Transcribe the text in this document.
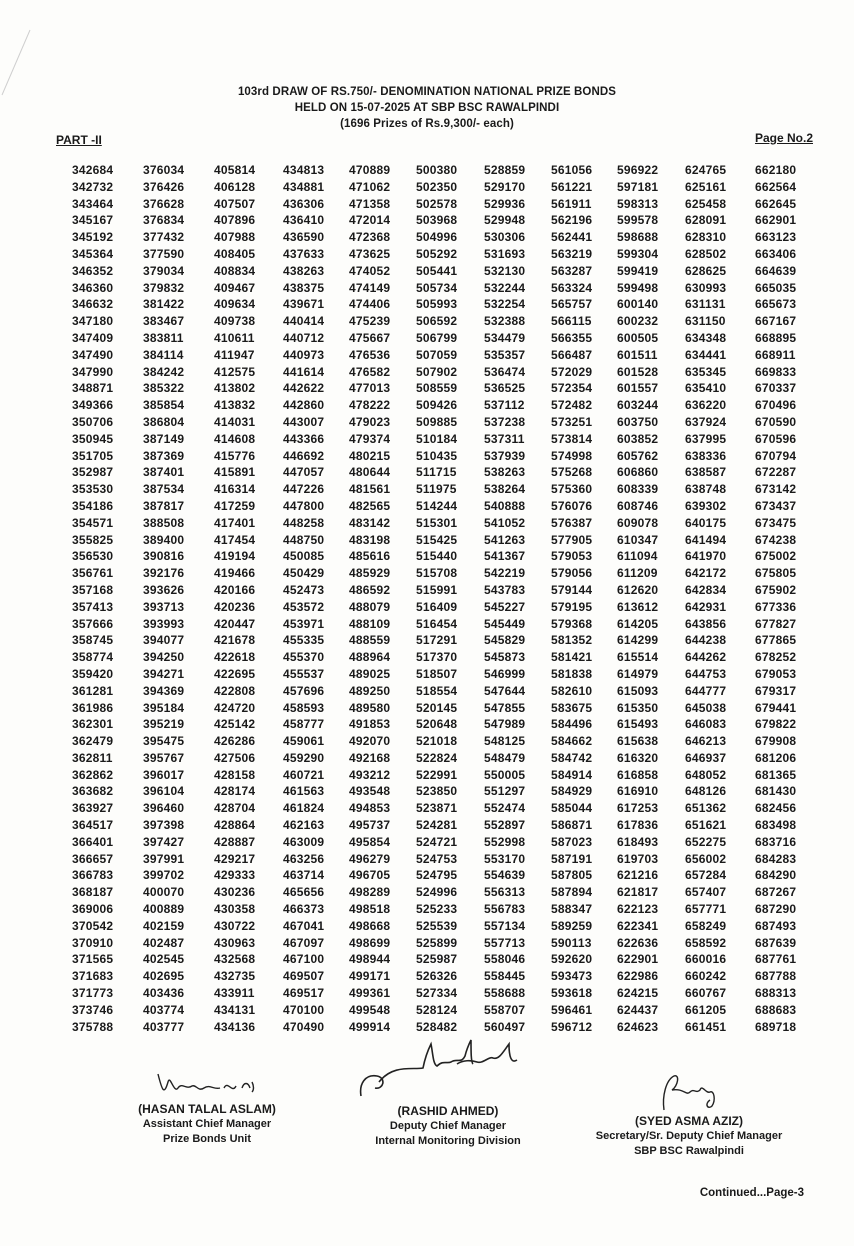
103rd DRAW OF RS.750/- DENOMINATION NATIONAL PRIZE BONDS
HELD ON 15-07-2025 AT SBP BSC RAWALPINDI
(1696 Prizes of Rs.9,300/- each)
PART -II	Page No.2
342684
342732
343464
345167
345192
345364
346352
346360
346632
347180
347409
347490
347990
348871
349366
350706
350945
351705
352987
353530
354186
354571
355825
356530
356761
357168
357413
357666
358745
358774
359420
361281
361986
362301
362479
362811
362862
363682
363927
364517
366401
366657
366783
368187
369006
370542
370910
371565
371683
371773
373746
375788
376034
376426
376628
376834
377432
377590
379034
379832
381422
383467
383811
384114
384242
385322
385854
386804
387149
387369
387401
387534
387817
388508
389400
390816
392176
393626
393713
393993
394077
394250
394271
394369
395184
395219
395475
395767
396017
396104
396460
397398
397427
397991
399702
400070
400889
402159
402487
402545
402695
403436
403774
403777
405814
406128
407507
407896
407988
408405
408834
409467
409634
409738
410611
411947
412575
413802
413832
414031
414608
415776
415891
416314
417259
417401
417454
419194
419466
420166
420236
420447
421678
422618
422695
422808
424720
425142
426286
427506
428158
428174
428704
428864
428887
429217
429333
430236
430358
430722
430963
432568
432735
433911
434131
434136
434813
434881
436306
436410
436590
437633
438263
438375
439671
440414
440712
440973
441614
442622
442860
443007
443366
446692
447057
447226
447800
448258
448750
450085
450429
452473
453572
453971
455335
455370
455537
457696
458593
458777
459061
459290
460721
461563
461824
462163
463009
463256
463714
465656
466373
467041
467097
467100
469507
469517
470100
470490
470889
471062
471358
472014
472368
473625
474052
474149
474406
475239
475667
476536
476582
477013
478222
479023
479374
480215
480644
481561
482565
483142
483198
485616
485929
486592
488079
488109
488559
488964
489025
489250
489580
491853
492070
492168
493212
493548
494853
495737
495854
496279
496705
498289
498518
498668
498699
498944
499171
499361
499548
499914
500380
502350
502578
503968
504996
505292
505441
505734
505993
506592
506799
507059
507902
508559
509426
509885
510184
510435
511715
511975
514244
515301
515425
515440
515708
515991
516409
516454
517291
517370
518507
518554
520145
520648
521018
522824
522991
523850
523871
524281
524721
524753
524795
524996
525233
525539
525899
525987
526326
527334
528124
528482
528859
529170
529936
529948
530306
531693
532130
532244
532254
532388
534479
535357
536474
536525
537112
537238
537311
537939
538263
538264
540888
541052
541263
541367
542219
543783
545227
545449
545829
545873
546999
547644
547855
547989
548125
548479
550005
551297
552474
552897
552998
553170
554639
556313
556783
557134
557713
558046
558445
558688
558707
560497
561056
561221
561911
562196
562441
563219
563287
563324
565757
566115
566355
566487
572029
572354
572482
573251
573814
574998
575268
575360
576076
576387
577905
579053
579056
579144
579195
579368
581352
581421
581838
582610
583675
584496
584662
584742
584914
584929
585044
586871
587023
587191
587805
587894
588347
589259
590113
592620
593473
593618
596461
596712
596922
597181
598313
599578
598688
599304
599419
599498
600140
600232
600505
601511
601528
601557
603244
603750
603852
605762
606860
608339
608746
609078
610347
611094
611209
612620
613612
614205
614299
615514
614979
615093
615350
615493
615638
616320
616858
616910
617253
617836
618493
619703
621216
621817
622123
622341
622636
622901
622986
624215
624437
624623
624765
625161
625458
628091
628310
628502
628625
630993
631131
631150
634348
634441
635345
635410
636220
637924
637995
638336
638587
638748
639302
640175
641494
641970
642172
642834
642931
643856
644238
644262
644753
644777
645038
646083
646213
646937
648052
648126
651362
651621
652275
656002
657284
657407
657771
658249
658592
660016
660242
660767
661205
661451
662180
662564
662645
662901
663123
663406
664639
665035
665673
667167
668895
668911
669833
670337
670496
670590
670596
670794
672287
673142
673437
673475
674238
675002
675805
675902
677336
677827
677865
678252
679053
679317
679441
679822
679908
681206
681365
681430
682456
683498
683716
684283
684290
687267
687290
687493
687639
687761
687788
688313
688683
689718
(HASAN TALAL ASLAM)
Assistant Chief Manager
Prize Bonds Unit
(RASHID AHMED)
Deputy Chief Manager
Internal Monitoring Division
(SYED ASMA AZIZ)
Secretary/Sr. Deputy Chief Manager
SBP BSC Rawalpindi
Continued...Page-3
